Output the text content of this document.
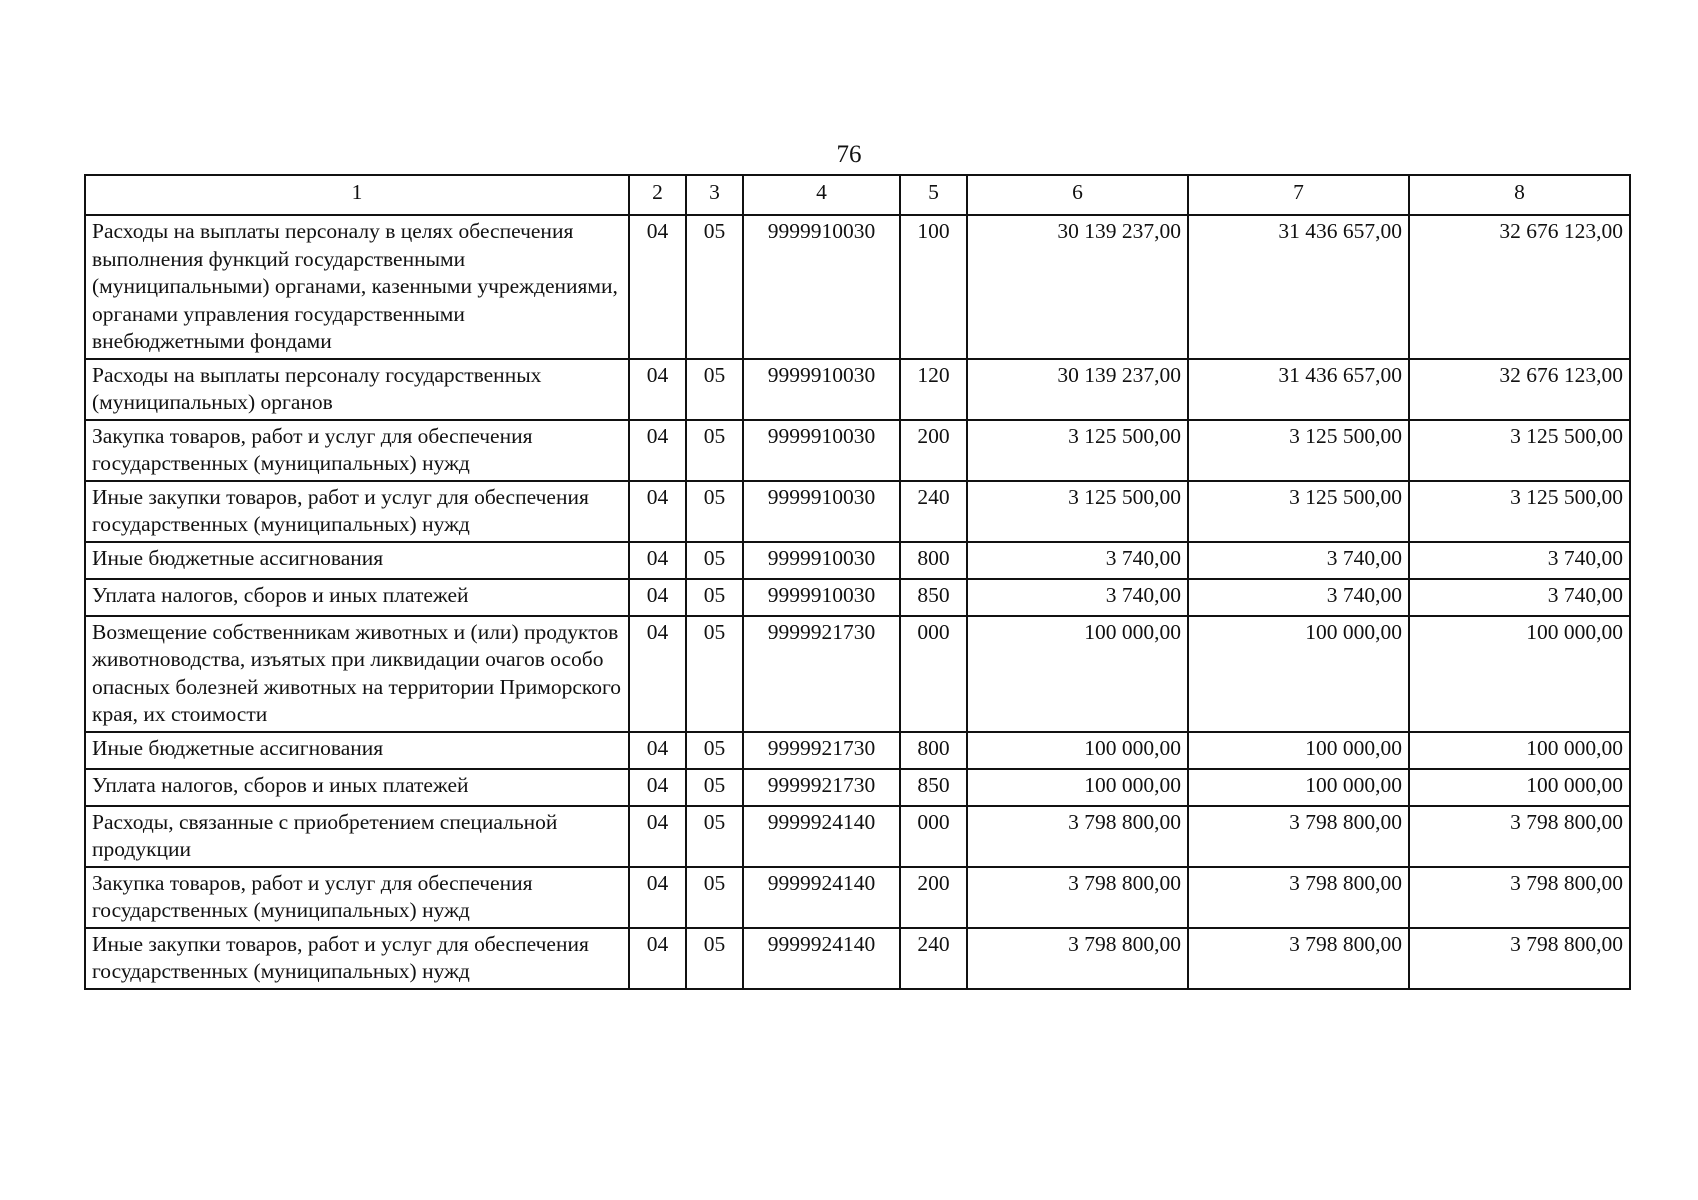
76
1	2	3	4	5	6	7	8
Расходы на выплаты персоналу в целях обеспечения выполнения функций государственными (муниципальными) органами, казенными учреждениями, органами управления государственными внебюджетными фондами	04	05	9999910030	100	30 139 237,00	31 436 657,00	32 676 123,00
Расходы на выплаты персоналу государственных (муниципальных) органов	04	05	9999910030	120	30 139 237,00	31 436 657,00	32 676 123,00
Закупка товаров, работ и услуг для обеспечения государственных (муниципальных) нужд	04	05	9999910030	200	3 125 500,00	3 125 500,00	3 125 500,00
Иные закупки товаров, работ и услуг для обеспечения государственных (муниципальных) нужд	04	05	9999910030	240	3 125 500,00	3 125 500,00	3 125 500,00
Иные бюджетные ассигнования	04	05	9999910030	800	3 740,00	3 740,00	3 740,00
Уплата налогов, сборов и иных платежей	04	05	9999910030	850	3 740,00	3 740,00	3 740,00
Возмещение собственникам животных и (или) продуктов животноводства, изъятых при ликвидации очагов особо опасных болезней животных на территории Приморского края, их стоимости	04	05	9999921730	000	100 000,00	100 000,00	100 000,00
Иные бюджетные ассигнования	04	05	9999921730	800	100 000,00	100 000,00	100 000,00
Уплата налогов, сборов и иных платежей	04	05	9999921730	850	100 000,00	100 000,00	100 000,00
Расходы, связанные с приобретением специальной продукции	04	05	9999924140	000	3 798 800,00	3 798 800,00	3 798 800,00
Закупка товаров, работ и услуг для обеспечения государственных (муниципальных) нужд	04	05	9999924140	200	3 798 800,00	3 798 800,00	3 798 800,00
Иные закупки товаров, работ и услуг для обеспечения государственных (муниципальных) нужд	04	05	9999924140	240	3 798 800,00	3 798 800,00	3 798 800,00
